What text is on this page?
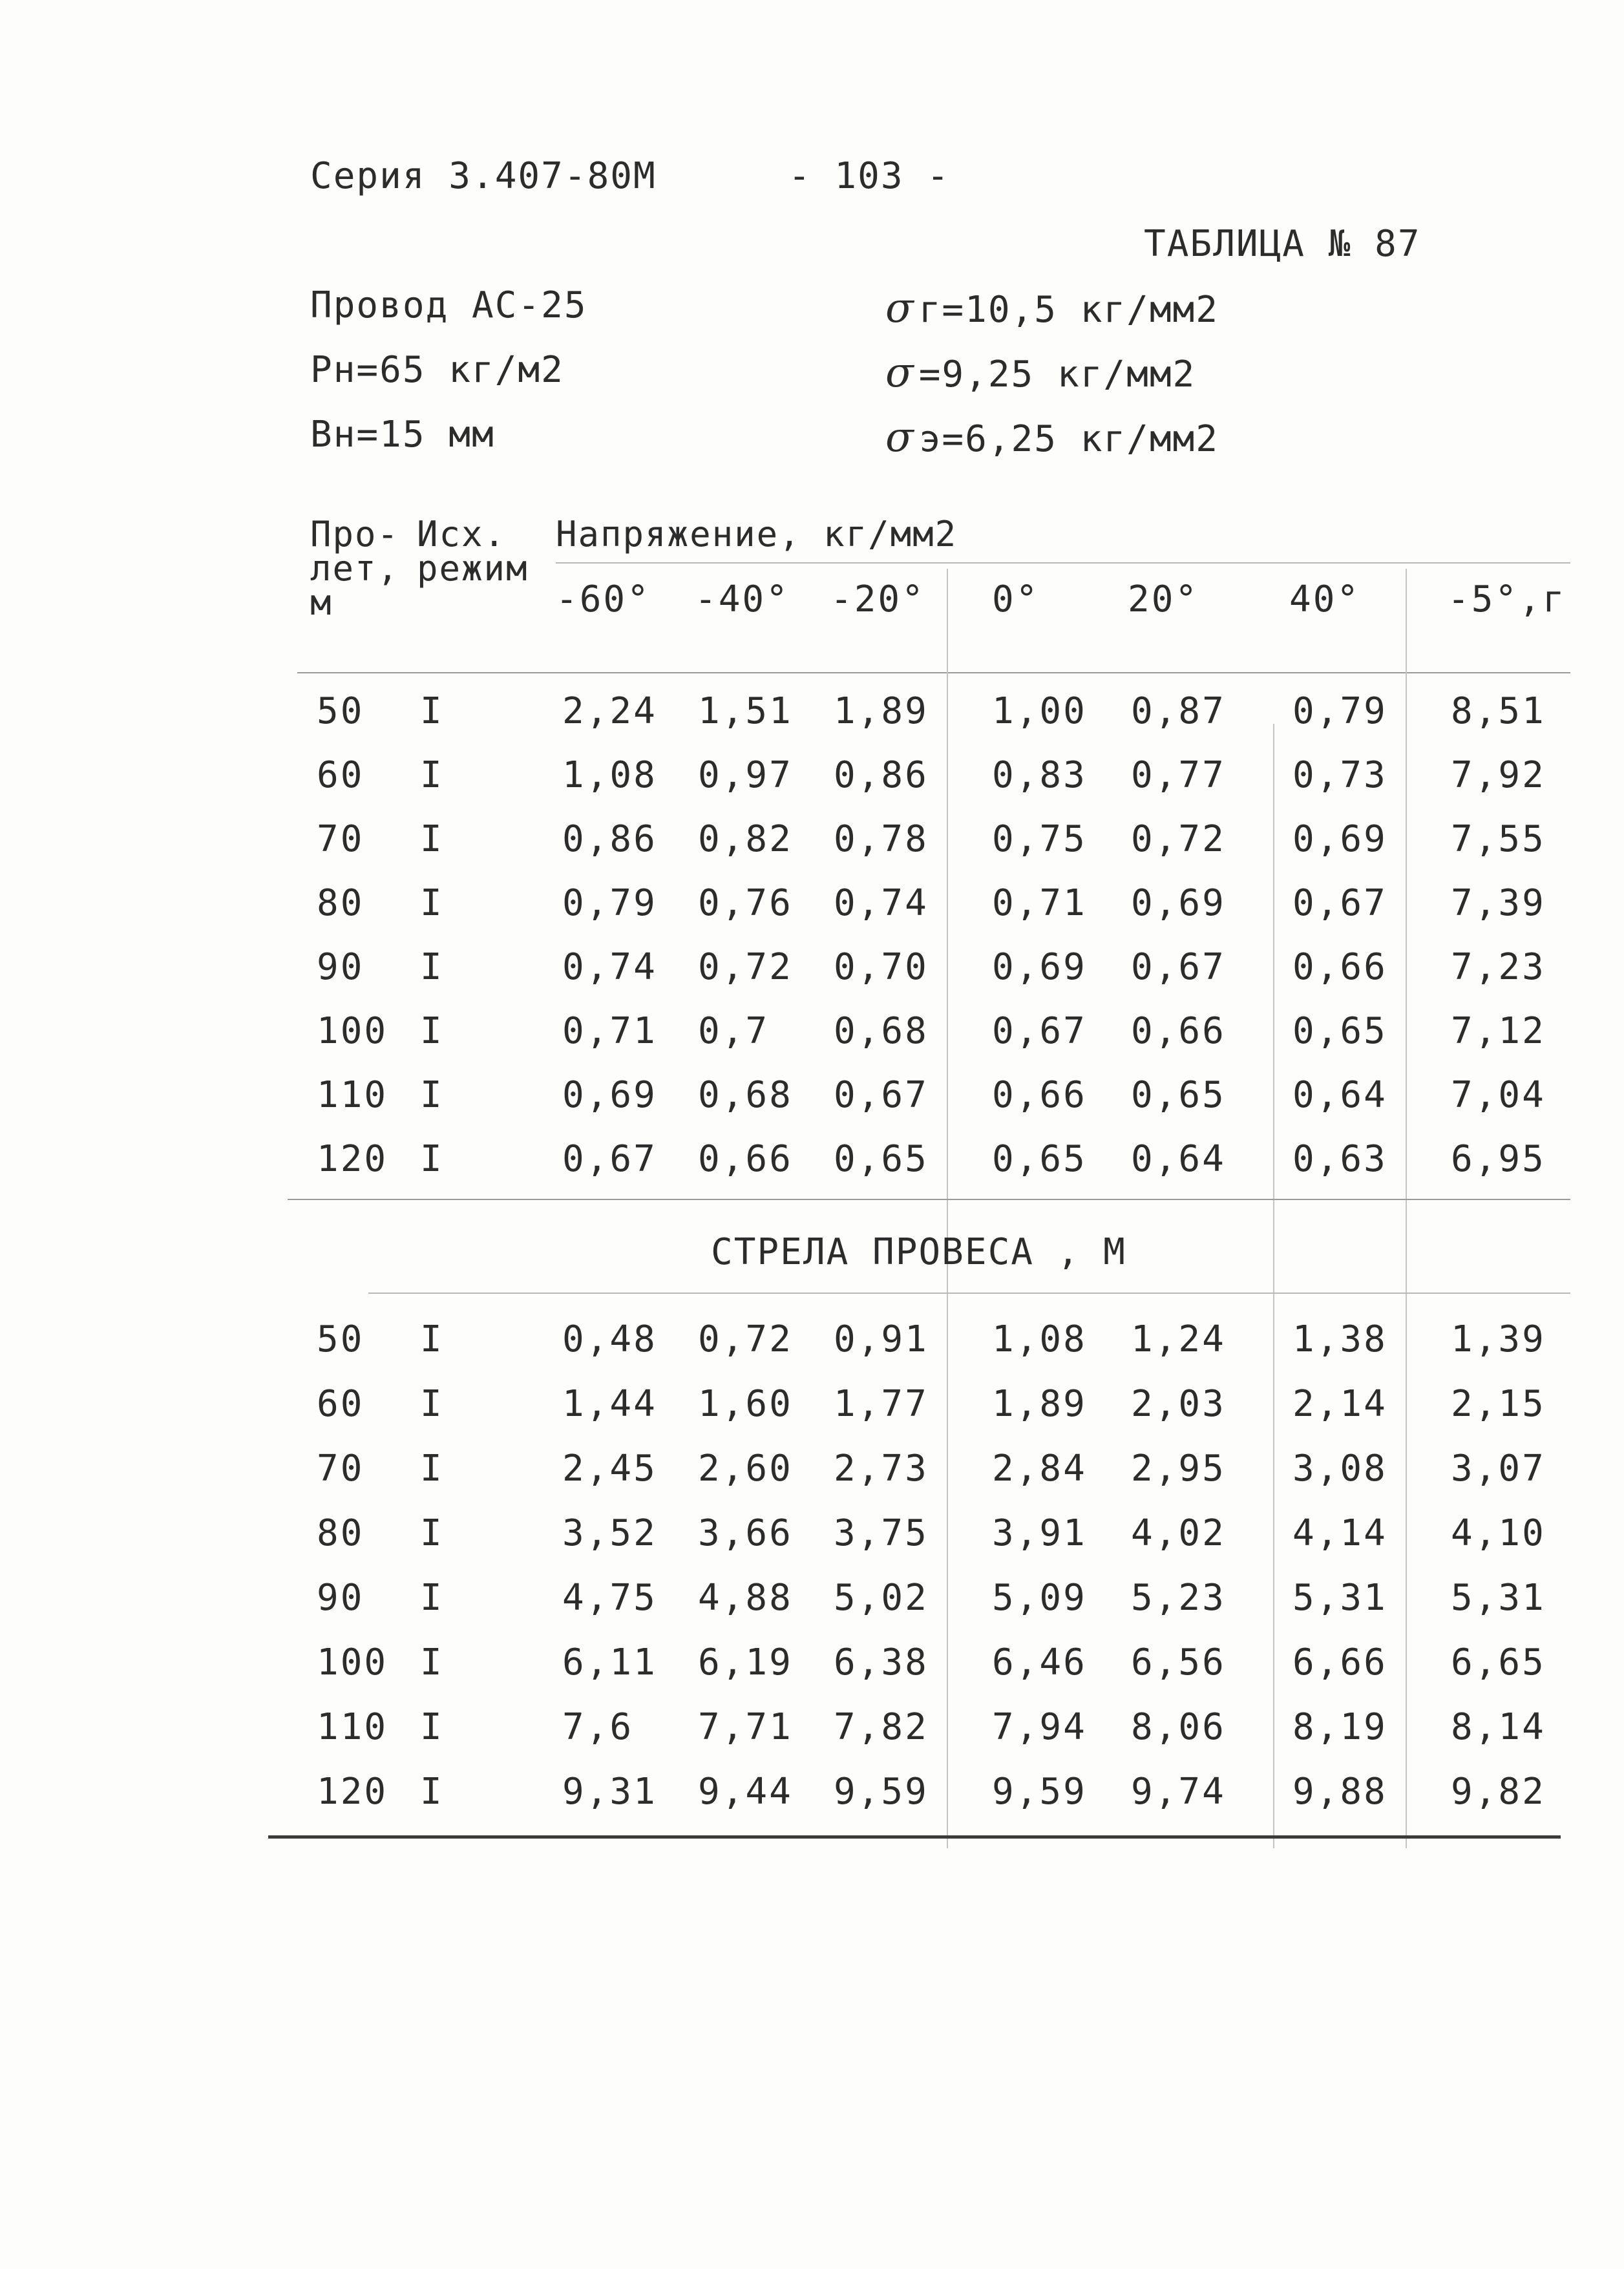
Серия 3.407-80М	- 103 -
ТАБЛИЦА № 87
Провод АС-25
Рн=65 кг/м2
Вн=15 мм
σ г=10,5 кг/мм2
σ =9,25 кг/мм2
σ э=6,25 кг/мм2
Про-
лет,
м
Исх.
режим
Напряжение, кг/мм2
-60° -40° -20° 0° 20° 40° -5°,г
50 I	2,24 1,51 1,89 1,00 0,87 0,79 8,51
60 I	1,08 0,97 0,86 0,83 0,77 0,73 7,92
70 I	0,86 0,82 0,78 0,75 0,72 0,69 7,55
80 I	0,79 0,76 0,74 0,71 0,69 0,67 7,39
90 I	0,74 0,72 0,70 0,69 0,67 0,66 7,23
100 I	0,71 0,7 0,68 0,67 0,66 0,65 7,12
110 I	0,69 0,68 0,67 0,66 0,65 0,64 7,04
120 I	0,67 0,66 0,65 0,65 0,64 0,63 6,95
СТРЕЛА ПРОВЕСА , М
50 I	0,48 0,72 0,91 1,08 1,24 1,38 1,39
60 I	1,44 1,60 1,77 1,89 2,03 2,14 2,15
70 I	2,45 2,60 2,73 2,84 2,95 3,08 3,07
80 I	3,52 3,66 3,75 3,91 4,02 4,14 4,10
90 I	4,75 4,88 5,02 5,09 5,23 5,31 5,31
100 I	6,11 6,19 6,38 6,46 6,56 6,66 6,65
110 I	7,6 7,71 7,82 7,94 8,06 8,19 8,14
120 I	9,31 9,44 9,59 9,59 9,74 9,88 9,82
